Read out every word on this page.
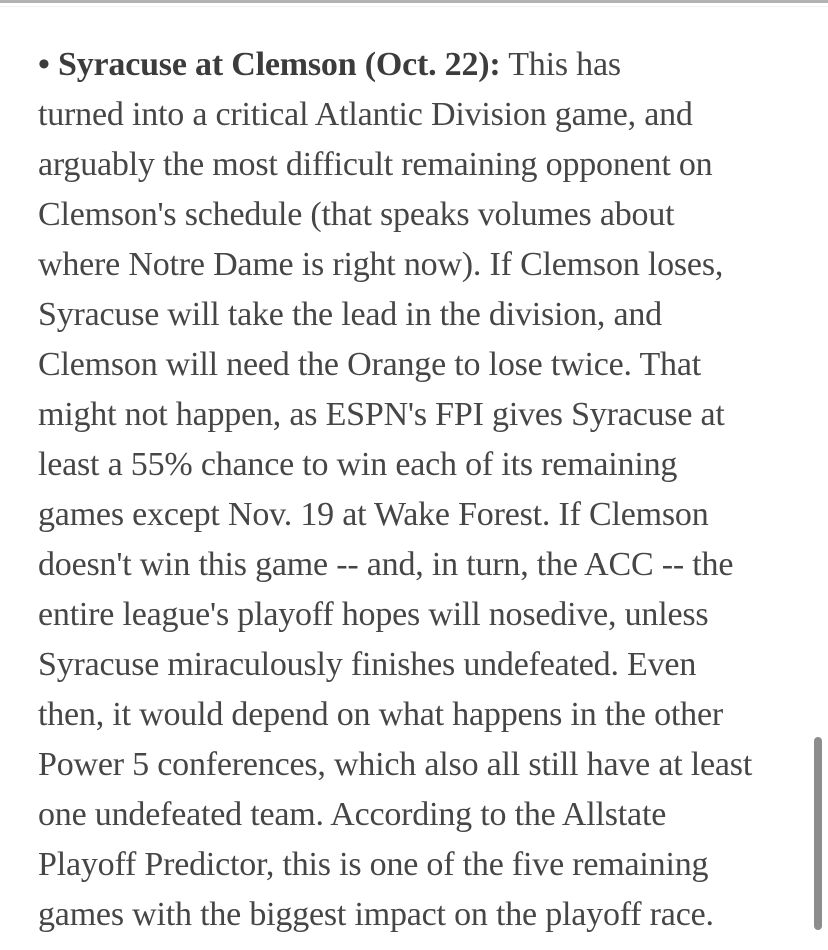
• Syracuse at Clemson (Oct. 22): This has
turned into a critical Atlantic Division game, and
arguably the most difficult remaining opponent on
Clemson's schedule (that speaks volumes about
where Notre Dame is right now). If Clemson loses,
Syracuse will take the lead in the division, and
Clemson will need the Orange to lose twice. That
might not happen, as ESPN's FPI gives Syracuse at
least a 55% chance to win each of its remaining
games except Nov. 19 at Wake Forest. If Clemson
doesn't win this game -- and, in turn, the ACC -- the
entire league's playoff hopes will nosedive, unless
Syracuse miraculously finishes undefeated. Even
then, it would depend on what happens in the other
Power 5 conferences, which also all still have at least
one undefeated team. According to the Allstate
Playoff Predictor, this is one of the five remaining
games with the biggest impact on the playoff race.
